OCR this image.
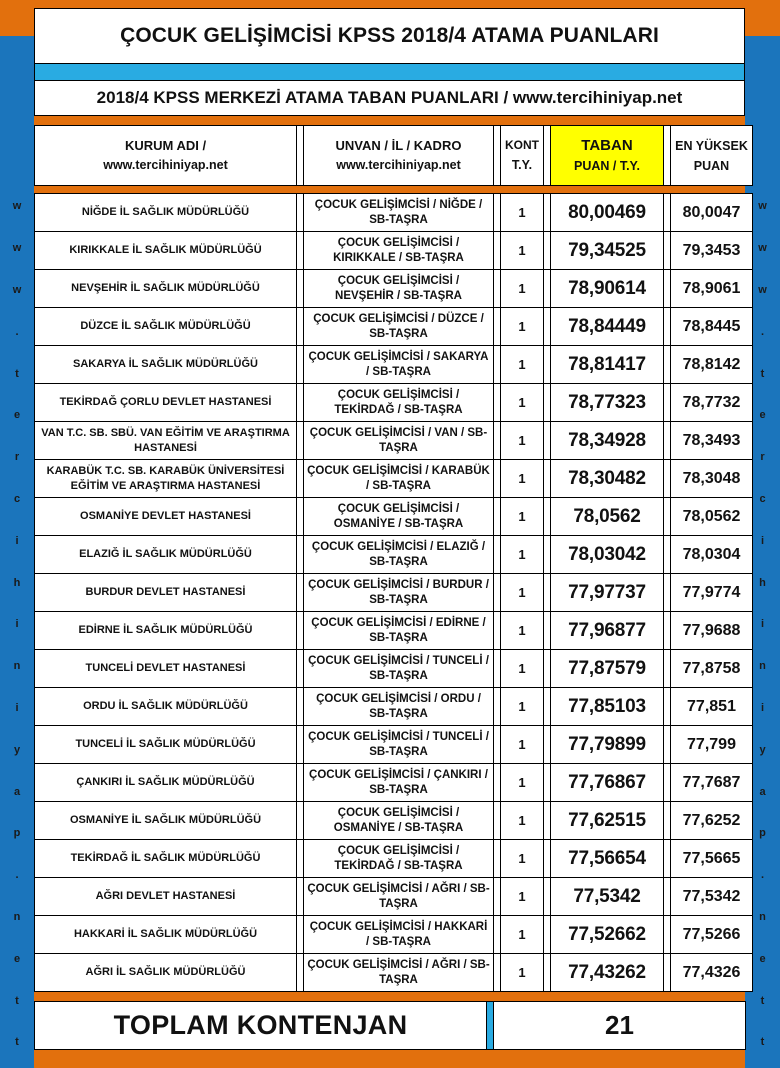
w
w
w
.
t
e
r
c
i
h
i
n
i
y
a
p
.
n
e
t
t
w
w
w
.
t
e
r
c
i
h
i
n
i
y
a
p
.
n
e
t
t
ÇOCUK GELİŞİMCİSİ KPSS 2018/4 ATAMA PUANLARI
2018/4 KPSS MERKEZİ ATAMA TABAN PUANLARI / www.tercihiniyap.net
KURUM ADI /
www.tercihiniyap.net
		UNVAN / İL / KADRO
www.tercihiniyap.net
		KONT
T.Y.
		TABAN
PUAN / T.Y.
		EN YÜKSEK
PUAN
NİĞDE İL SAĞLIK MÜDÜRLÜĞÜ		ÇOCUK GELİŞİMCİSİ / NİĞDE / SB-TAŞRA		1		80,00469		80,0047
KIRIKKALE İL SAĞLIK MÜDÜRLÜĞÜ		ÇOCUK GELİŞİMCİSİ / KIRIKKALE / SB-TAŞRA		1		79,34525		79,3453
NEVŞEHİR İL SAĞLIK MÜDÜRLÜĞÜ		ÇOCUK GELİŞİMCİSİ / NEVŞEHİR / SB-TAŞRA		1		78,90614		78,9061
DÜZCE İL SAĞLIK MÜDÜRLÜĞÜ		ÇOCUK GELİŞİMCİSİ / DÜZCE / SB-TAŞRA		1		78,84449		78,8445
SAKARYA İL SAĞLIK MÜDÜRLÜĞÜ		ÇOCUK GELİŞİMCİSİ / SAKARYA / SB-TAŞRA		1		78,81417		78,8142
TEKİRDAĞ ÇORLU DEVLET HASTANESİ		ÇOCUK GELİŞİMCİSİ / TEKİRDAĞ / SB-TAŞRA		1		78,77323		78,7732
VAN T.C. SB. SBÜ. VAN EĞİTİM VE ARAŞTIRMA HASTANESİ		ÇOCUK GELİŞİMCİSİ / VAN / SB-TAŞRA		1		78,34928		78,3493
KARABÜK T.C. SB. KARABÜK ÜNİVERSİTESİ EĞİTİM VE ARAŞTIRMA HASTANESİ		ÇOCUK GELİŞİMCİSİ / KARABÜK / SB-TAŞRA		1		78,30482		78,3048
OSMANİYE DEVLET HASTANESİ		ÇOCUK GELİŞİMCİSİ / OSMANİYE / SB-TAŞRA		1		78,0562		78,0562
ELAZIĞ İL SAĞLIK MÜDÜRLÜĞÜ		ÇOCUK GELİŞİMCİSİ / ELAZIĞ / SB-TAŞRA		1		78,03042		78,0304
BURDUR DEVLET HASTANESİ		ÇOCUK GELİŞİMCİSİ / BURDUR / SB-TAŞRA		1		77,97737		77,9774
EDİRNE İL SAĞLIK MÜDÜRLÜĞÜ		ÇOCUK GELİŞİMCİSİ / EDİRNE / SB-TAŞRA		1		77,96877		77,9688
TUNCELİ DEVLET HASTANESİ		ÇOCUK GELİŞİMCİSİ / TUNCELİ / SB-TAŞRA		1		77,87579		77,8758
ORDU İL SAĞLIK MÜDÜRLÜĞÜ		ÇOCUK GELİŞİMCİSİ / ORDU / SB-TAŞRA		1		77,85103		77,851
TUNCELİ İL SAĞLIK MÜDÜRLÜĞÜ		ÇOCUK GELİŞİMCİSİ / TUNCELİ / SB-TAŞRA		1		77,79899		77,799
ÇANKIRI İL SAĞLIK MÜDÜRLÜĞÜ		ÇOCUK GELİŞİMCİSİ / ÇANKIRI / SB-TAŞRA		1		77,76867		77,7687
OSMANİYE İL SAĞLIK MÜDÜRLÜĞÜ		ÇOCUK GELİŞİMCİSİ / OSMANİYE / SB-TAŞRA		1		77,62515		77,6252
TEKİRDAĞ İL SAĞLIK MÜDÜRLÜĞÜ		ÇOCUK GELİŞİMCİSİ / TEKİRDAĞ / SB-TAŞRA		1		77,56654		77,5665
AĞRI DEVLET HASTANESİ		ÇOCUK GELİŞİMCİSİ / AĞRI / SB-TAŞRA		1		77,5342		77,5342
HAKKARİ İL SAĞLIK MÜDÜRLÜĞÜ		ÇOCUK GELİŞİMCİSİ / HAKKARİ / SB-TAŞRA		1		77,52662		77,5266
AĞRI İL SAĞLIK MÜDÜRLÜĞÜ		ÇOCUK GELİŞİMCİSİ / AĞRI / SB-TAŞRA		1		77,43262		77,4326
TOPLAM KONTENJAN		21
